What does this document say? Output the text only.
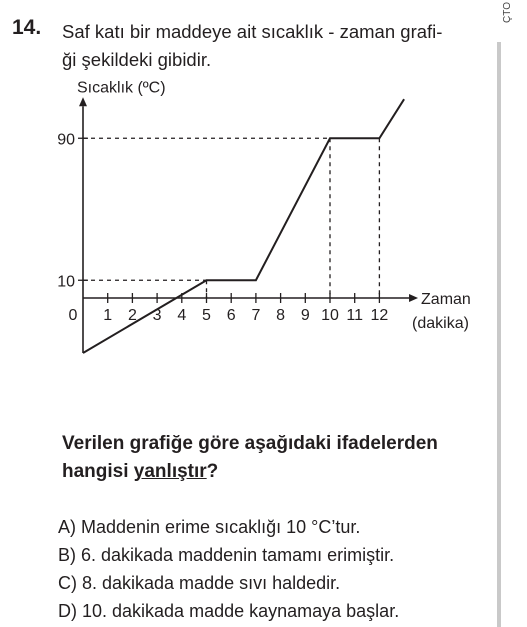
14. Saf katı bir maddeye ait sıcaklık - zaman grafi-
ği şekildeki gibidir.
ÇTO
1 2 3 4 5 6 7 8 9 10 11 12
0
10
90
Sıcaklık (ºC)
Zaman
(dakika)
Verilen grafiğe göre aşağıdaki ifadelerden
hangisi yanlıştır?
A) Maddenin erime sıcaklığı 10 °C’tur.
B) 6. dakikada maddenin tamamı erimiştir.
C) 8. dakikada madde sıvı haldedir.
D) 10. dakikada madde kaynamaya başlar.
